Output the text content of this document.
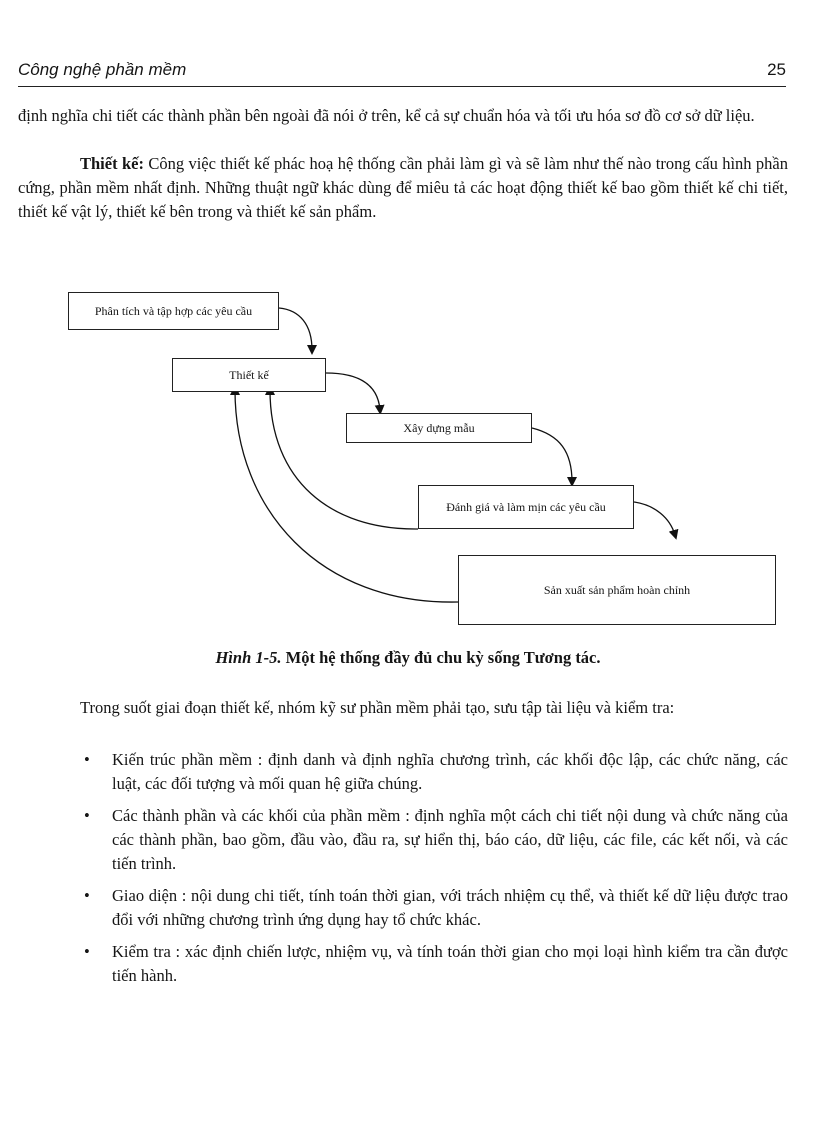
Công nghệ phần mềm	25

định nghĩa chi tiết các thành phần bên ngoài đã nói ở trên, kể cả sự chuẩn hóa và tối ưu hóa sơ đồ cơ sở dữ liệu.

Thiết kế: Công việc thiết kế phác hoạ hệ thống cần phải làm gì và sẽ làm như thế nào trong cấu hình phần cứng, phần mềm nhất định. Những thuật ngữ khác dùng để miêu tả các hoạt động thiết kế bao gồm thiết kế chi tiết, thiết kế vật lý, thiết kế bên trong và thiết kế sản phẩm.

Phân tích và tập hợp các yêu cầu
Thiết kế
Xây dựng mẫu
Đánh giá và làm mịn các yêu cầu
Sản xuất sản phẩm hoàn chỉnh
Hình 1-5. Một hệ thống đầy đủ chu kỳ sống Tương tác.

Trong suốt giai đoạn thiết kế, nhóm kỹ sư phần mềm phải tạo, sưu tập tài liệu và kiểm tra:

• Kiến trúc phần mềm : định danh và định nghĩa chương trình, các khối độc lập, các chức năng, các luật, các đối tượng và mối quan hệ giữa chúng.
• Các thành phần và các khối của phần mềm : định nghĩa một cách chi tiết nội dung và chức năng của các thành phần, bao gồm, đầu vào, đầu ra, sự hiển thị, báo cáo, dữ liệu, các file, các kết nối, và các tiến trình.
• Giao diện : nội dung chi tiết, tính toán thời gian, với trách nhiệm cụ thể, và thiết kế dữ liệu được trao đổi với những chương trình ứng dụng hay tổ chức khác.
• Kiểm tra : xác định chiến lược, nhiệm vụ, và tính toán thời gian cho mọi loại hình kiểm tra cần được tiến hành.
